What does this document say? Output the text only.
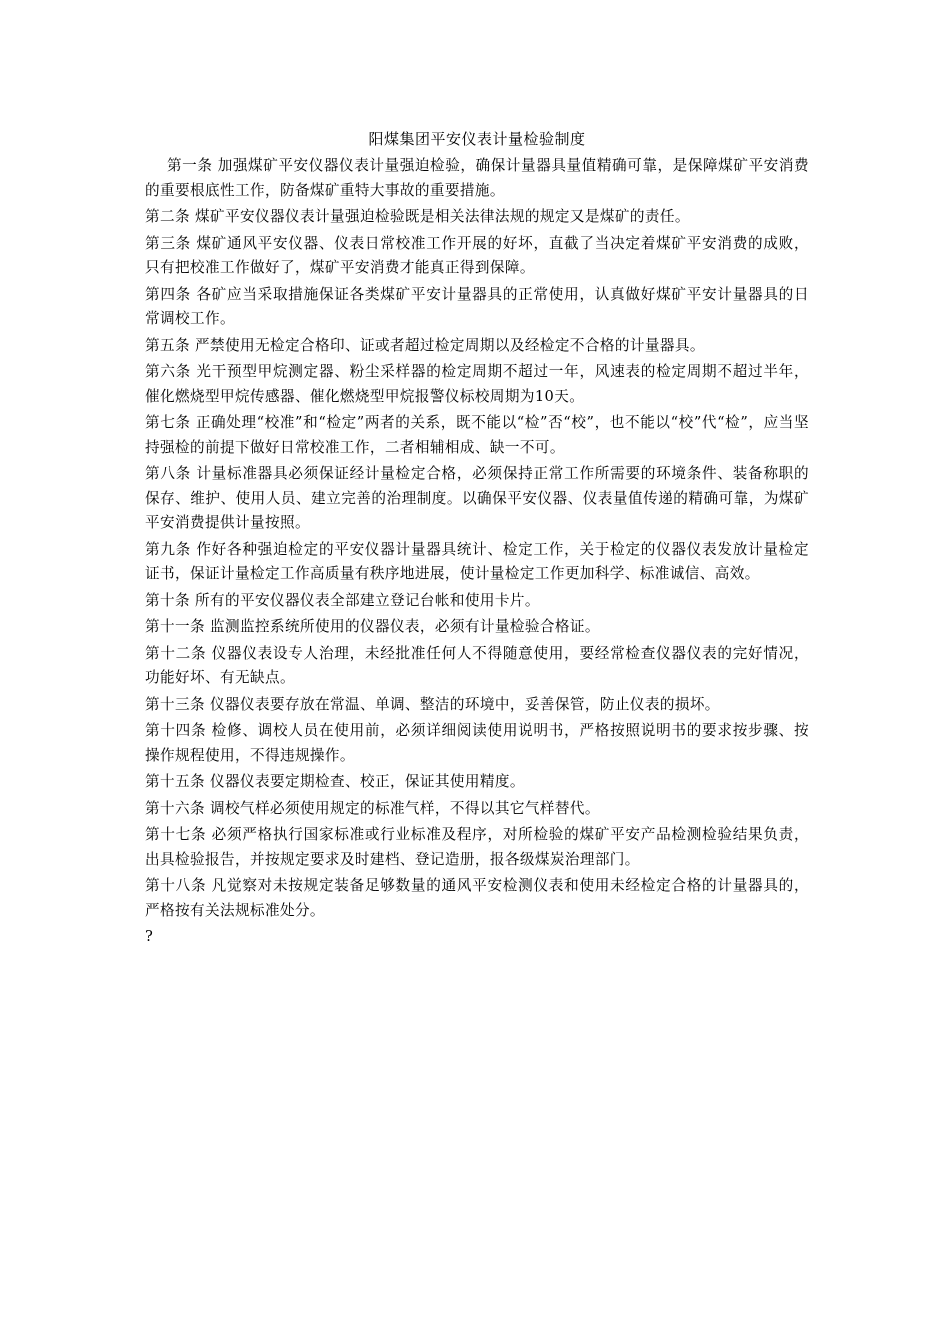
阳煤集团平安仪表计量检验制度

第一条 加强煤矿平安仪器仪表计量强迫检验，确保计量器具量值精确可靠，是保障煤矿平安消费的重要根底性工作，防备煤矿重特大事故的重要措施。

第二条 煤矿平安仪器仪表计量强迫检验既是相关法律法规的规定又是煤矿的责任。

第三条 煤矿通风平安仪器、仪表日常校准工作开展的好坏，直截了当决定着煤矿平安消费的成败，只有把校准工作做好了，煤矿平安消费才能真正得到保障。

第四条 各矿应当采取措施保证各类煤矿平安计量器具的正常使用，认真做好煤矿平安计量器具的日常调校工作。

第五条 严禁使用无检定合格印、证或者超过检定周期以及经检定不合格的计量器具。

第六条 光干预型甲烷测定器、粉尘采样器的检定周期不超过一年，风速表的检定周期不超过半年，催化燃烧型甲烷传感器、催化燃烧型甲烷报警仪标校周期为10天。

第七条 正确处理“校准”和“检定”两者的关系，既不能以“检”否“校”，也不能以“校”代“检”，应当坚持强检的前提下做好日常校准工作，二者相辅相成、缺一不可。

第八条 计量标准器具必须保证经计量检定合格，必须保持正常工作所需要的环境条件、装备称职的保存、维护、使用人员、建立完善的治理制度。以确保平安仪器、仪表量值传递的精确可靠，为煤矿平安消费提供计量按照。

第九条 作好各种强迫检定的平安仪器计量器具统计、检定工作，关于检定的仪器仪表发放计量检定证书，保证计量检定工作高质量有秩序地进展，使计量检定工作更加科学、标准诚信、高效。

第十条 所有的平安仪器仪表全部建立登记台帐和使用卡片。

第十一条 监测监控系统所使用的仪器仪表，必须有计量检验合格证。

第十二条 仪器仪表设专人治理，未经批准任何人不得随意使用，要经常检查仪器仪表的完好情况，功能好坏、有无缺点。

第十三条 仪器仪表要存放在常温、单调、整洁的环境中，妥善保管，防止仪表的损坏。

第十四条 检修、调校人员在使用前，必须详细阅读使用说明书，严格按照说明书的要求按步骤、按操作规程使用，不得违规操作。

第十五条 仪器仪表要定期检查、校正，保证其使用精度。

第十六条 调校气样必须使用规定的标准气样，不得以其它气样替代。

第十七条 必须严格执行国家标准或行业标准及程序，对所检验的煤矿平安产品检测检验结果负责，出具检验报告，并按规定要求及时建档、登记造册，报各级煤炭治理部门。

第十八条 凡觉察对未按规定装备足够数量的通风平安检测仪表和使用未经检定合格的计量器具的，严格按有关法规标准处分。

?
